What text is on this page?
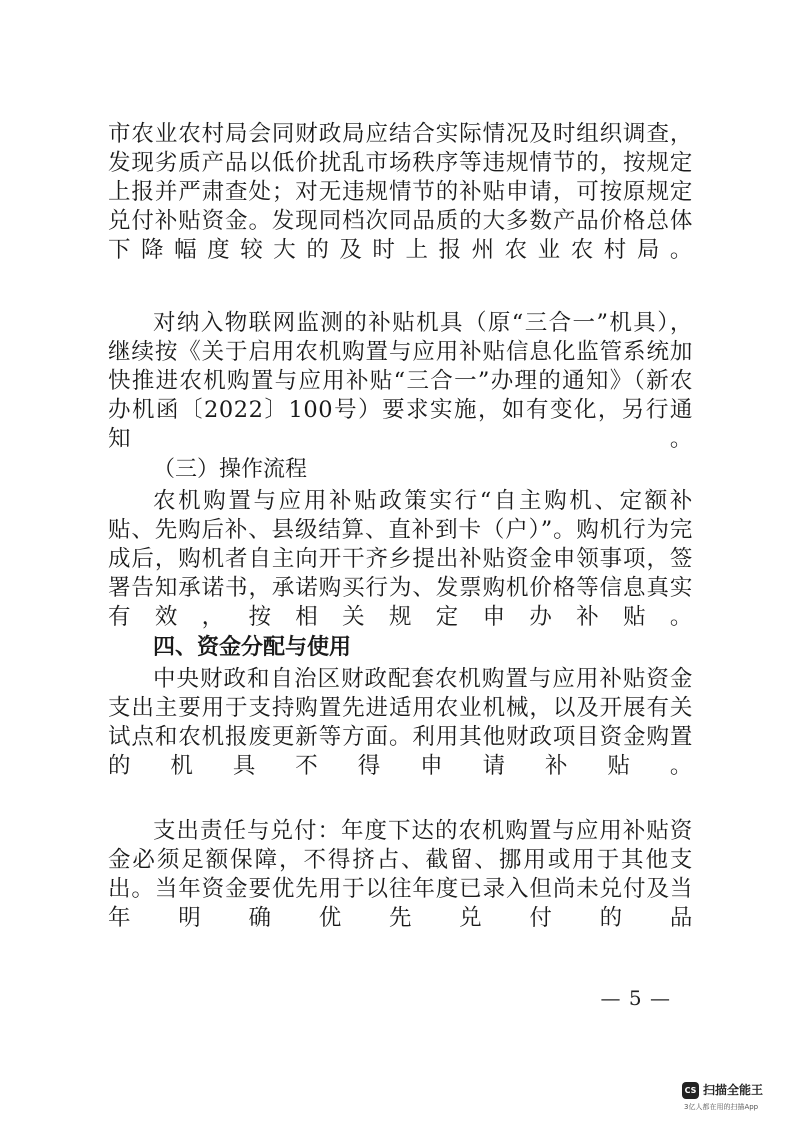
市农业农村局会同财政局应结合实际情况及时组织调查，发现劣质产品以低价扰乱市场秩序等违规情节的，按规定上报并严肃查处；对无违规情节的补贴申请，可按原规定兑付补贴资金。发现同档次同品质的大多数产品价格总体下降幅度较大的及时上报州农业农村局。
对纳入物联网监测的补贴机具（原“三合一”机具），继续按《关于启用农机购置与应用补贴信息化监管系统加快推进农机购置与应用补贴“三合一”办理的通知》（新农办机函〔2022〕100号）要求实施，如有变化，另行通知。
（三）操作流程
农机购置与应用补贴政策实行“自主购机、定额补贴、先购后补、县级结算、直补到卡（户）”。购机行为完成后，购机者自主向开干齐乡提出补贴资金申领事项，签署告知承诺书，承诺购买行为、发票购机价格等信息真实有效，按相关规定申办补贴。
四、资金分配与使用
中央财政和自治区财政配套农机购置与应用补贴资金支出主要用于支持购置先进适用农业机械，以及开展有关试点和农机报废更新等方面。利用其他财政项目资金购置的机具不得申请补贴。
支出责任与兑付：年度下达的农机购置与应用补贴资金必须足额保障，不得挤占、截留、挪用或用于其他支出。当年资金要优先用于以往年度已录入但尚未兑付及当年明确优先兑付的品
— 5 —
CS 扫描全能王
3亿人都在用的扫描App
